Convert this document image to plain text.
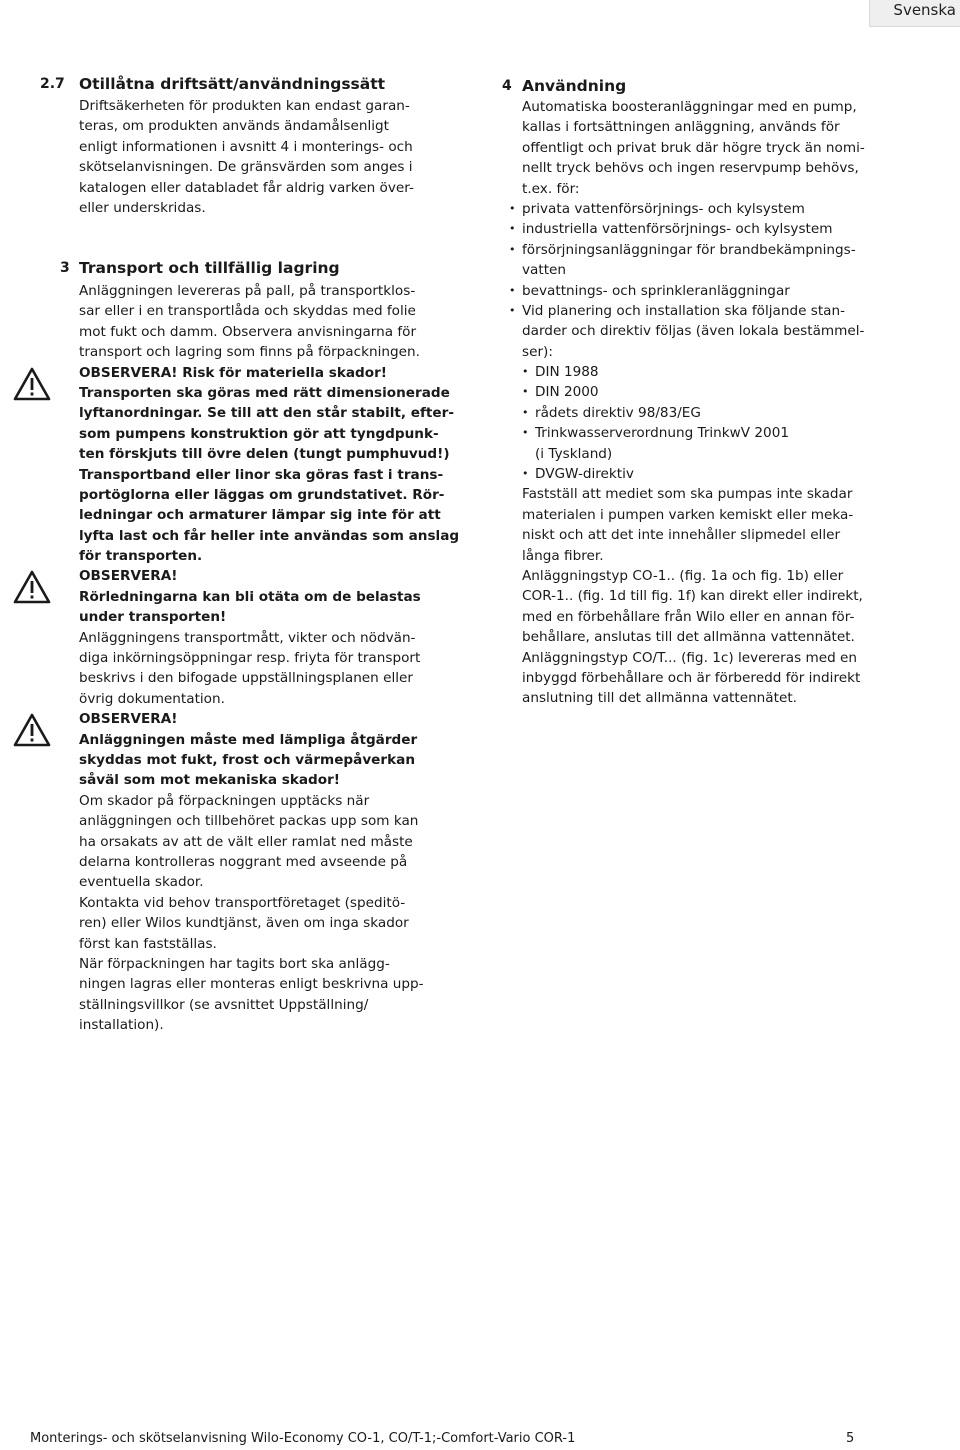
Svenska
2.7 Otillåtna driftsätt/användningssätt
Driftsäkerheten för produkten kan endast garan-
teras, om produkten används ändamålsenligt
enligt informationen i avsnitt 4 i monterings- och
skötselanvisningen. De gränsvärden som anges i
katalogen eller databladet får aldrig varken över-
eller underskridas.
3 Transport och tillfällig lagring
Anläggningen levereras på pall, på transportklos-
sar eller i en transportlåda och skyddas med folie
mot fukt och damm. Observera anvisningarna för
transport och lagring som finns på förpackningen.
OBSERVERA! Risk för materiella skador!
Transporten ska göras med rätt dimensionerade
lyftanordningar. Se till att den står stabilt, efter-
som pumpens konstruktion gör att tyngdpunk-
ten förskjuts till övre delen (tungt pumphuvud!)
Transportband eller linor ska göras fast i trans-
portöglorna eller läggas om grundstativet. Rör-
ledningar och armaturer lämpar sig inte för att
lyfta last och får heller inte användas som anslag
för transporten.
OBSERVERA!
Rörledningarna kan bli otäta om de belastas
under transporten!
Anläggningens transportmått, vikter och nödvän-
diga inkörningsöppningar resp. friyta för transport
beskrivs i den bifogade uppställningsplanen eller
övrig dokumentation.
OBSERVERA!
Anläggningen måste med lämpliga åtgärder
skyddas mot fukt, frost och värmepåverkan
såväl som mot mekaniska skador!
Om skador på förpackningen upptäcks när
anläggningen och tillbehöret packas upp som kan
ha orsakats av att de vält eller ramlat ned måste
delarna kontrolleras noggrant med avseende på
eventuella skador.
Kontakta vid behov transportföretaget (speditö-
ren) eller Wilos kundtjänst, även om inga skador
först kan fastställas.
När förpackningen har tagits bort ska anlägg-
ningen lagras eller monteras enligt beskrivna upp-
ställningsvillkor (se avsnittet Uppställning/
installation).
4 Användning
Automatiska boosteranläggningar med en pump,
kallas i fortsättningen anläggning, används för
offentligt och privat bruk där högre tryck än nomi-
nellt tryck behövs och ingen reservpump behövs,
t.ex. för:
• privata vattenförsörjnings- och kylsystem
• industriella vattenförsörjnings- och kylsystem
• försörjningsanläggningar för brandbekämpnings-
vatten
• bevattnings- och sprinkleranläggningar
• Vid planering och installation ska följande stan-
darder och direktiv följas (även lokala bestämmel-
ser):
• DIN 1988
• DIN 2000
• rådets direktiv 98/83/EG
• Trinkwasserverordnung TrinkwV 2001
(i Tyskland)
• DVGW-direktiv
Fastställ att mediet som ska pumpas inte skadar
materialen i pumpen varken kemiskt eller meka-
niskt och att det inte innehåller slipmedel eller
långa fibrer.
Anläggningstyp CO-1.. (fig. 1a och fig. 1b) eller
COR-1.. (fig. 1d till fig. 1f) kan direkt eller indirekt,
med en förbehållare från Wilo eller en annan för-
behållare, anslutas till det allmänna vattennätet.
Anläggningstyp CO/T... (fig. 1c) levereras med en
inbyggd förbehållare och är förberedd för indirekt
anslutning till det allmänna vattennätet.
Monterings- och skötselanvisning Wilo-Economy CO-1, CO/T-1;-Comfort-Vario COR-1	5
